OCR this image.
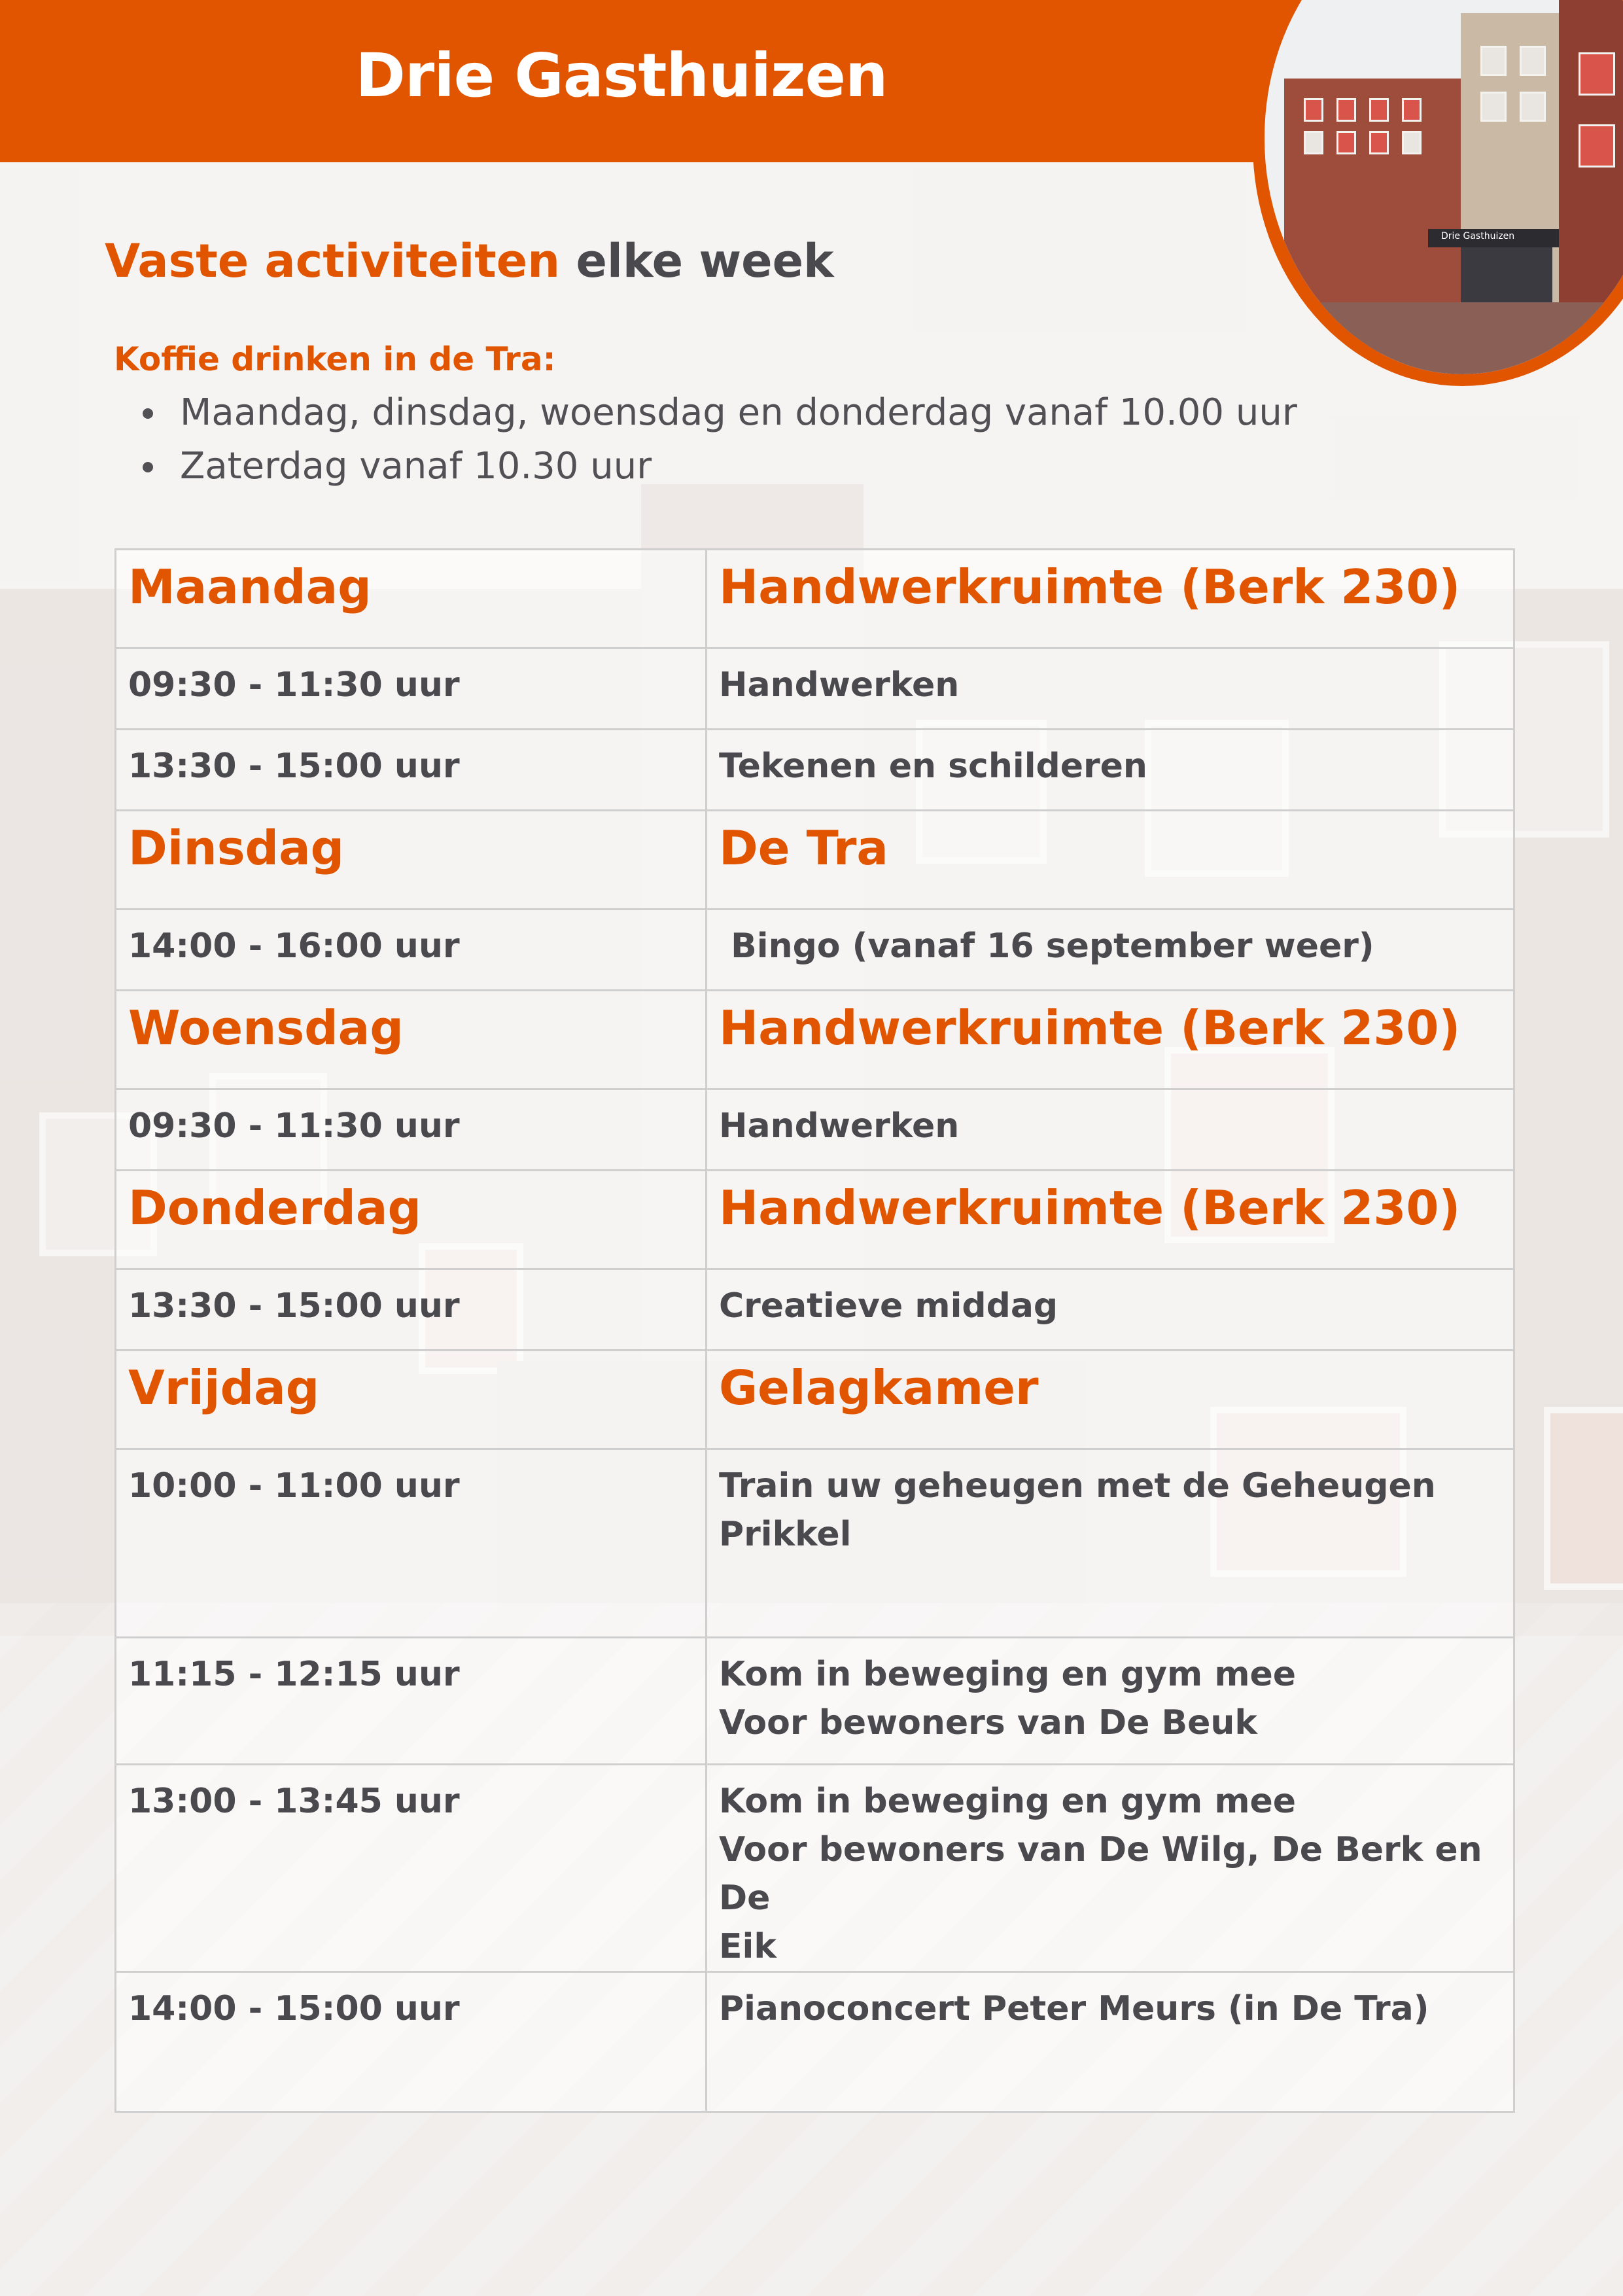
Drie Gasthuizen
Drie Gasthuizen
Vaste activiteiten elke week
Koffie drinken in de Tra:
Maandag, dinsdag, woensdag en donderdag vanaf 10.00 uur
Zaterdag vanaf 10.30 uur
Maandag	Handwerkruimte (Berk 230)
09:30 - 11:30 uur	Handwerken
13:30 - 15:00 uur	Tekenen en schilderen
Dinsdag	De Tra
14:00 - 16:00 uur	Bingo (vanaf 16 september weer)
Woensdag	Handwerkruimte (Berk 230)
09:30 - 11:30 uur	Handwerken
Donderdag	Handwerkruimte (Berk 230)
13:30 - 15:00 uur	Creatieve middag
Vrijdag	Gelagkamer
10:00 - 11:00 uur	Train uw geheugen met de Geheugen
Prikkel
11:15 - 12:15 uur	Kom in beweging en gym mee
Voor bewoners van De Beuk
13:00 - 13:45 uur	Kom in beweging en gym mee
Voor bewoners van De Wilg, De Berk en De
Eik
14:00 - 15:00 uur	Pianoconcert Peter Meurs (in De Tra)
